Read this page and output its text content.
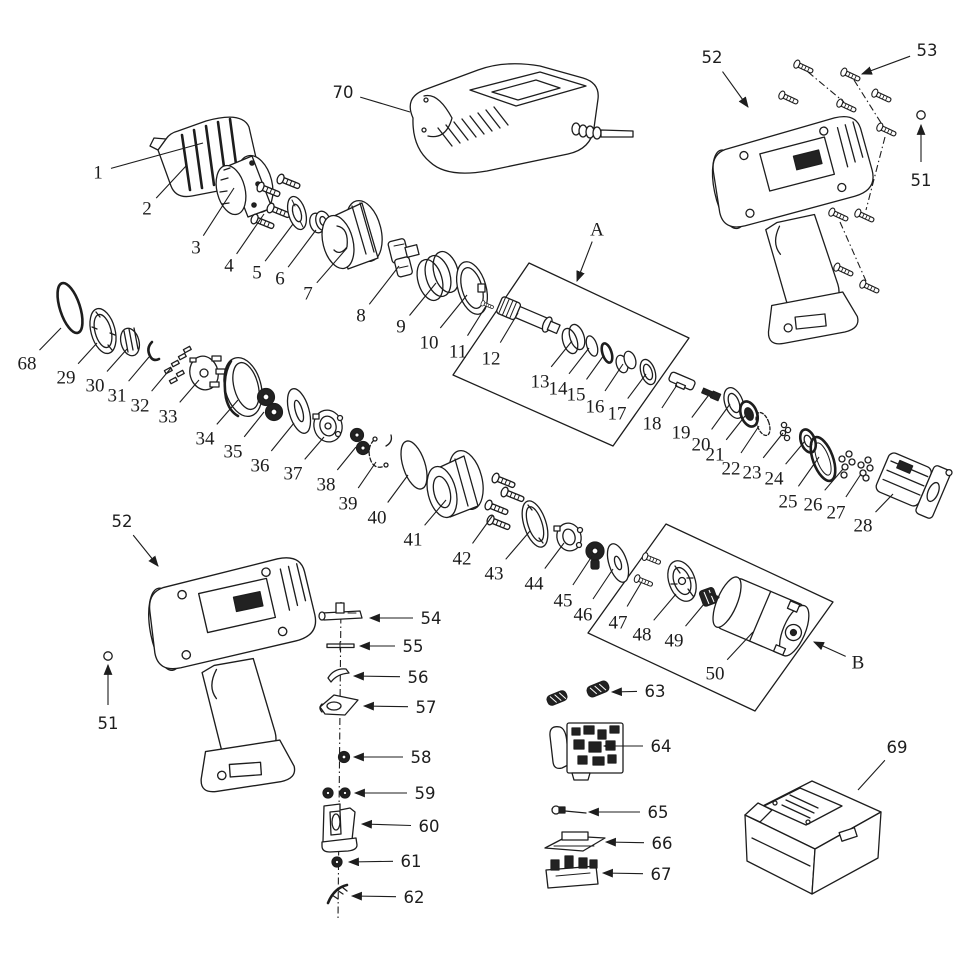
1
2
3
4 5 6
7
8
9
10 11 12
13 14 15
16 17 18 19
20
21
22 23 24
25 26 27
28
29 30 31 32
33
34
35
36 37
38
39
40
41
42
43 44
45
46 47
48 49
50
68
A
B
51
52	53
70
52
51
54
55
56
57
58
59
60
61
62
63
64
65
66
67
69
